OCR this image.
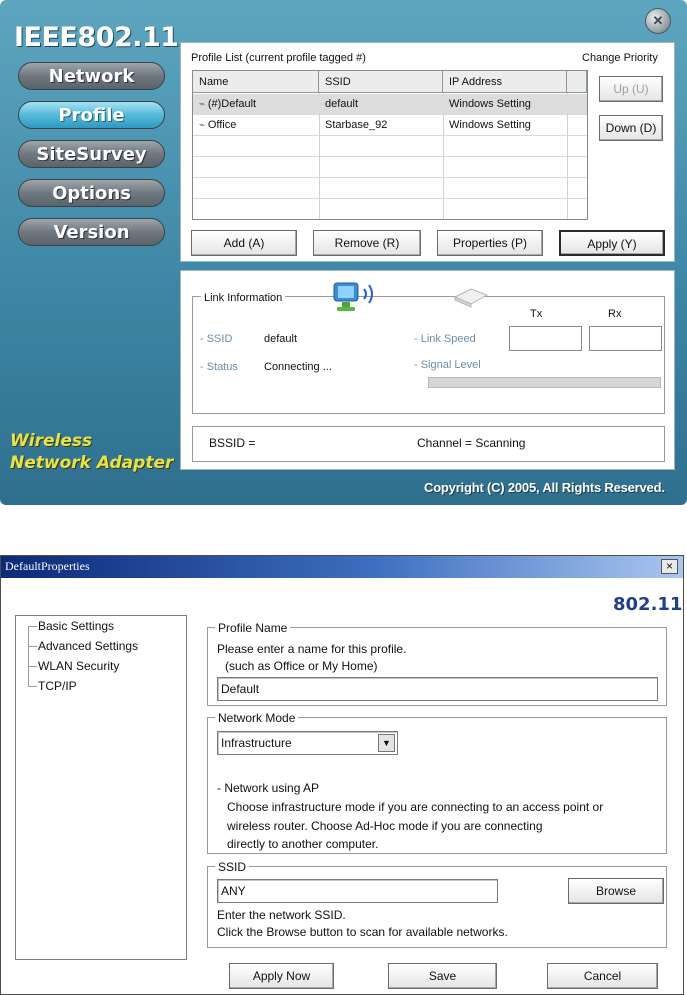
IEEE802.11
✕
Network
Profile
SiteSurvey
Options
Version
Wireless
Network Adapter
Copyright (C) 2005, All Rights Reserved.
Profile List (current profile tagged #)	Change Priority
Name	SSID	IP Address
⌁ (#)Default	default	Windows Setting
⌁ Office	Starbase_92	Windows Setting
Up (U)
Down (D)
Add (A)	Remove (R)	Properties (P)	Apply (Y)
Link Information
Tx	Rx
- SSID	default
- Status Connecting ...
- Link Speed
- Signal Level
BSSID =	Channel = Scanning
DefaultProperties	×
802.11
Basic Settings
Advanced Settings
WLAN Security
TCP/IP
Profile Name
Please enter a name for this profile.
(such as Office or My Home)
Default
Network Mode
Infrastructure	▼
- Network using AP
Choose infrastructure mode if you are connecting to an access point or
wireless router. Choose Ad-Hoc mode if you are connecting
directly to another computer.
SSID
ANY	Browse
Enter the network SSID.
Click the Browse button to scan for available networks.
Apply Now	Save	Cancel
